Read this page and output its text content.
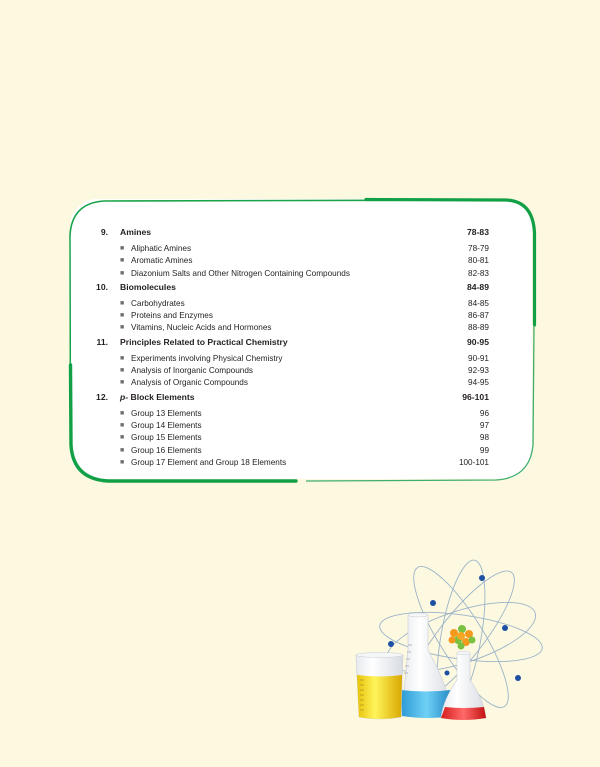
9. Amines	78-83
■ Aliphatic Amines	78-79
■ Aromatic Amines	80-81
■ Diazonium Salts and Other Nitrogen Containing Compounds	82-83
10. Biomolecules	84-89
■ Carbohydrates	84-85
■ Proteins and Enzymes	86-87
■ Vitamins, Nucleic Acids and Hormones	88-89
11. Principles Related to Practical Chemistry	90-95
■ Experiments involving Physical Chemistry	90-91
■ Analysis of Inorganic Compounds	92-93
■ Analysis of Organic Compounds	94-95
12. p- Block Elements	96-101
■ Group 13 Elements	96
■ Group 14 Elements	97
■ Group 15 Elements	98
■ Group 16 Elements	99
■ Group 17 Element and Group 18 Elements	100-101
